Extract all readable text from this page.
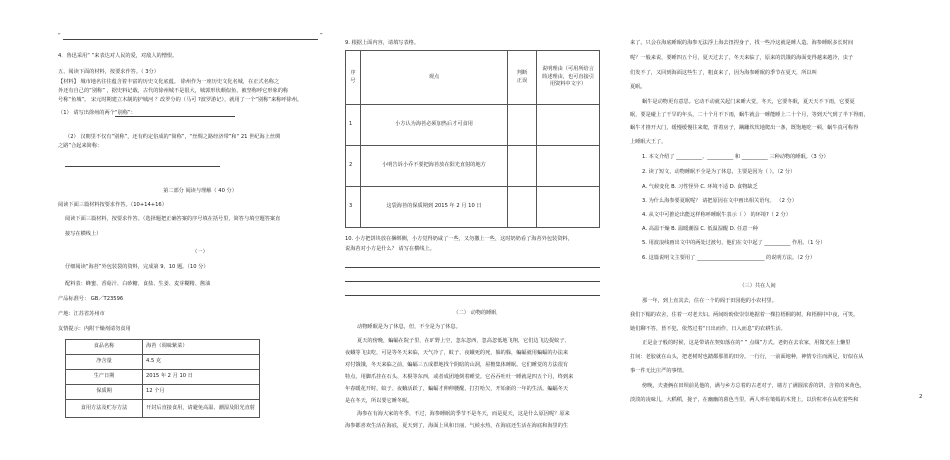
“	”
4．鲁迅采用“ ”来表达对人民的爱，对敌人的憎恨。
五、阅读下面的材料，按要求作答。（ 3分）
【材料】 城市地名往往蕴含着丰富的历史文化底蕴。 徐州作为一座历史文化名城，在正式名称之
外还有自己的“别称” ，据史料记载，古代的徐州城不是很大，城郭形状颇似鱼，被坚称呼它形象的称
号称“鱼城”。 宋元时期建立木制的护城河 ？改罗分的（马可 ?波罗游记），就用了一个“别称”来称呼徐州。
（1） 请写出徐州的两个“别称”：
（2） 汉朝里不仅有“别称”，还有约定俗成的“简称”，“丝绸之路经济带”和“ 21 世纪海上丝绸
之路”合起来简称：
第二部分 阅读与理解（ 40 分）
阅读下面三篇材料按要求作答。（10+14+16）
阅读下面三篇材料，按要求作答。（选择题把正确答案的序号填在括号里，简答与填空题答案直
接写在横线上）
（一）
仔细阅读“海苔”外包装袋的资料，完成第 9、10 题。（10 分）
配料表：蜂蜜、香菇汁、白砂糖、食盐、生姜、麦芽糊精、酱油
产品标准号： GB／T23596
产地：江苏省苏州市
友情提示：内附干燥剂请勿食用
食品名称	海苔（调味紫菜）
净含量	4.5 克
生产日期	2015 年 2 月 10 日
保质期	12 个月
食用方法及贮存方法	开封后直接食用，请避免高温、潮湿及阳光直射
9. 根据上面内容，请填写表格。
序号	观点	判断正误	说明理由（可用所给言简述理由，也可直接引用资料中文字）
1	小方认为海苔必须加热后才可食用		
2	小明告诉小乔不要把海苔放在阳光直射的地方		
3	这袋海苔的保质期到 2015 年 2 月 10 日		
10. 小方把饼块放在捆绑侧，小方觉得奶咸了一些，又勿撒上一些，这时奶奶看了海苔外包装资料，
说海苔对小方是什么？ 请写在横线上。
（二） 动物的睡眠
动物睡眠是为了休息，但，不全是为了休息。
夏天的傍晚，蝙蝠在院子里，在旷野上空，忽东忽西，忽高忽低地飞翔，它们边飞边捉蚊子、
夜蛾等飞虫吃，可是等冬天来临，天气冷了，蚊子、夜蛾死的死，躲的躲，蝙蝠就用蝙蝠的办法来
对付饿饿，冬天来临之前，蝙蝠三五成群地找个阴暗的山洞，屋檐集体睡眠。它们睡觉的方法很有
特点，用脚爪挂在石头、木棍等东西，或者成团地倒着睡觉。它吞吞吐吐一睡就是四五个月，终到来
年春暖花开时，蚊子、夜蛾活跃了，蝙蝠才伸伸腰醒，打打哈欠，开始新的一年的生活。蝙蝠冬天
是在冬天，所以要它睡冬眠。
海参在有海大家的冬季。不过，海参睡眠的季节不是冬天，而是夏天，这是什么原因呢？原来
海参都喜欢生活在海底，夏天到了，海面上风和日丽，气候水热，在海底还生活在海底和海里的生
来了。只会在海底睡眠的海参无法浮上海去扭捏身子，找一些冷这就是睡人造。海参睡眠多长时间
呢？一般来说，要睡四五个月，夏天过去了，冬天来临了，原来的饥饿的海面变得越来越冷，虫子
们发不了，又回到海面这些生了，粗食来了，因为海参睡眠的季节在夏天，所以叫
夏眠。
蜗牛是动物更有意思。它动不动就关起门来睡大觉，冬天，它要冬眠，夏天天不下雨，它要夏
眠，要是碰上了干旱的年头，二十个月不下雨，蜗牛就会一睡能睡上二十个月，等到天气到了半下得雨，
蜗牛才推开大门，缓慢缓慢往来爬，背着房子，蹒跚坎坎地爬出一条，既饱地吃一顿，蜗牛真可称得
上睡眠大王了。
1. 本文介绍了 __________、__________ 和 __________ 三种动物的睡眠。（3 分）
2. 读了短文，动物睡眠不全是为了休息，主要是因为（ ）。（2 分）
A. 气候变化 B. 习性怪异 C. 环境不适 D. 食物缺乏
3. 为什么海参要夏眠呢？ 请把原因在文中画出相关语句。 （2 分）
4. 从文中可推论出能这样称呼睡眠牛表示（ ） 的环境?（ 2 分）
A. 高温干燥 B. 温暖潮湿 C. 低温湿醒 D. 任意一种
5. 用波浪线画出文中的两处过渡句，他们在文中起了 __________ 作用。（1 分）
6. 这篇说明文主要用了 __________________________ 的说明方法。（2 分）
（三）共在人间
那一年，到上直其去，住在一个的阁于田园他的小农村里。
我们下榻的农舍，住着一对老夫妇。两间盼盼依崇崇地据着一棵拉梧桐的树，和梧桐中中夜，可笑。
她们聊不答，皆不犯，依然过着“日出而作，日入而息”的农耕生活。
正是金子般的时候，这是带请在契如落在的“ ” 点缀”方式。老奶在去农家，用微光在上懒里
打间：老胶就在山头，把老树时也踏都那墨的田旁。一行行，一前面地种，神情专注而满足，好似在从
事一件无比庄严的事情。
傍晚，夫妻俩在田坝前晃他的，满与乡方总着的古老对子，墙方了满圆浓香的饼，含着的米黄色，
淡淡的凌味儿，大稻稻，拢子，在幽幽的暮色当里，两人率在皱嫣的木凳上，以价粒率在从吃着些和	2
